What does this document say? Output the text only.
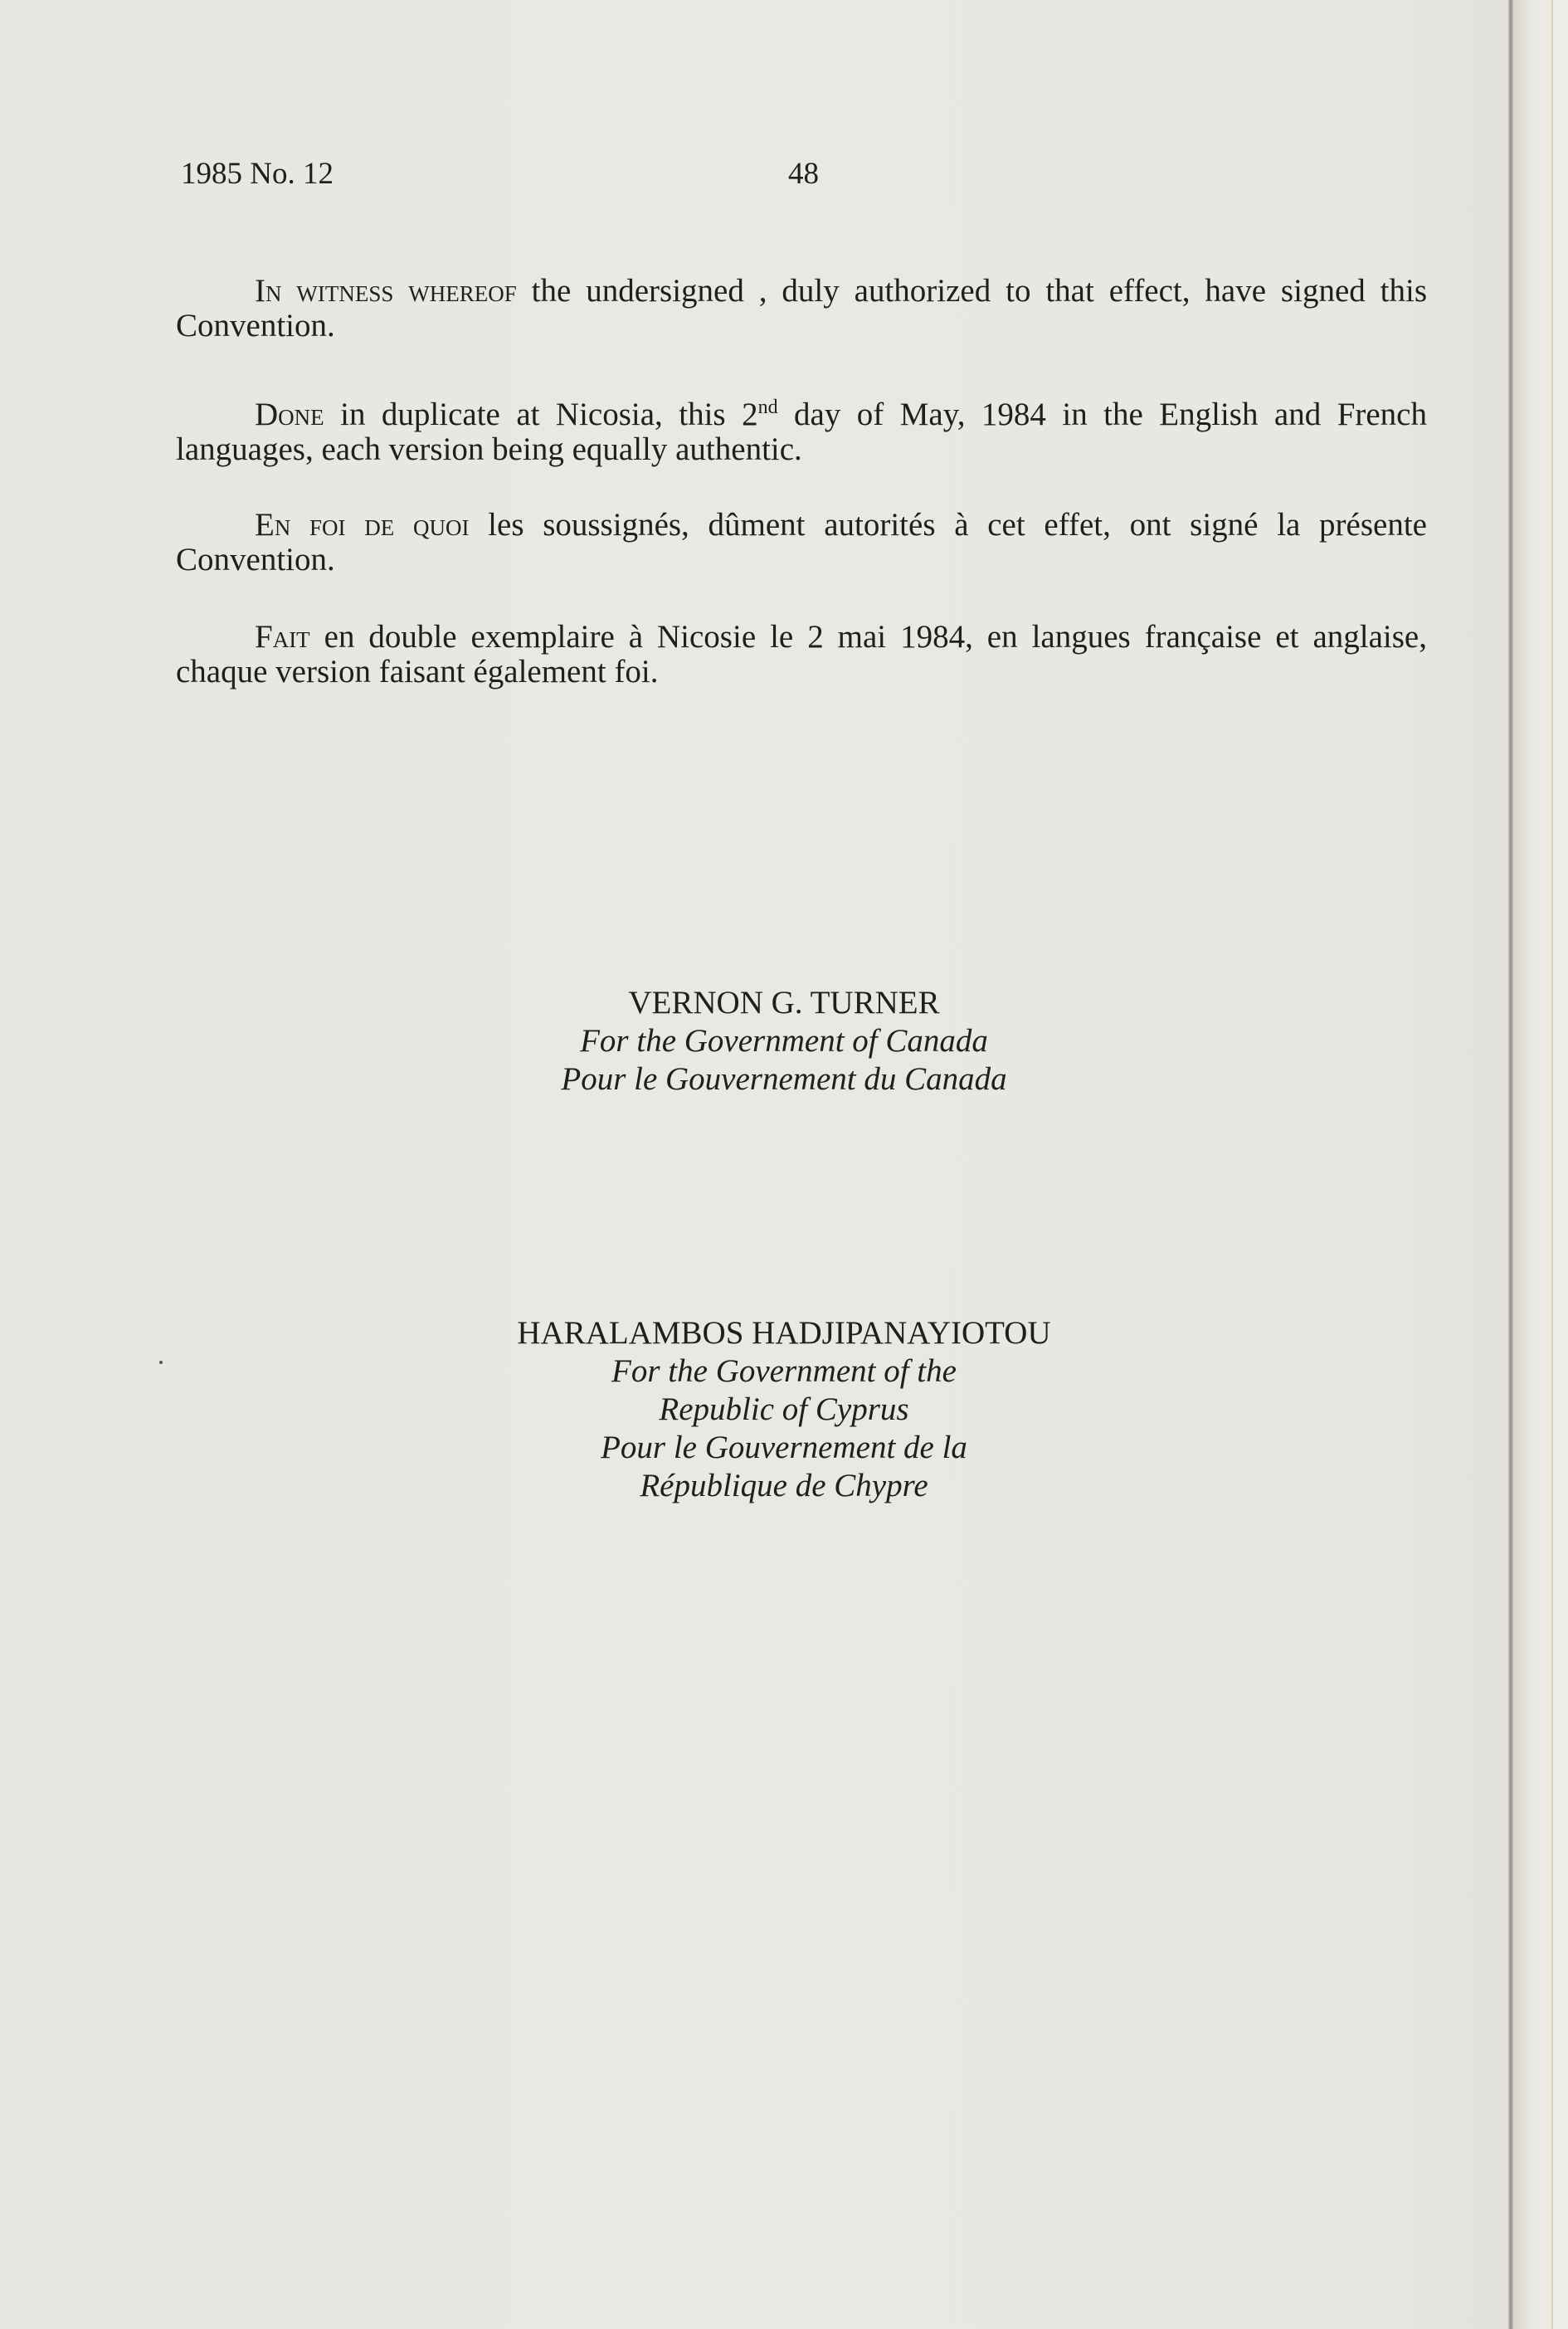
1985 No. 12	48

In witness whereof the undersigned , duly authorized to that effect, have signed this Convention.

Done in duplicate at Nicosia, this 2nd day of May, 1984 in the English and French languages, each version being equally authentic.

En foi de quoi les soussignés, dûment autorités à cet effet, ont signé la présente Convention.

Fait en double exemplaire à Nicosie le 2 mai 1984, en langues française et anglaise, chaque version faisant également foi.

VERNON G. TURNER
For the Government of Canada
Pour le Gouvernement du Canada
HARALAMBOS HADJIPANAYIOTOU
For the Government of the
Republic of Cyprus
Pour le Gouvernement de la
République de Chypre
